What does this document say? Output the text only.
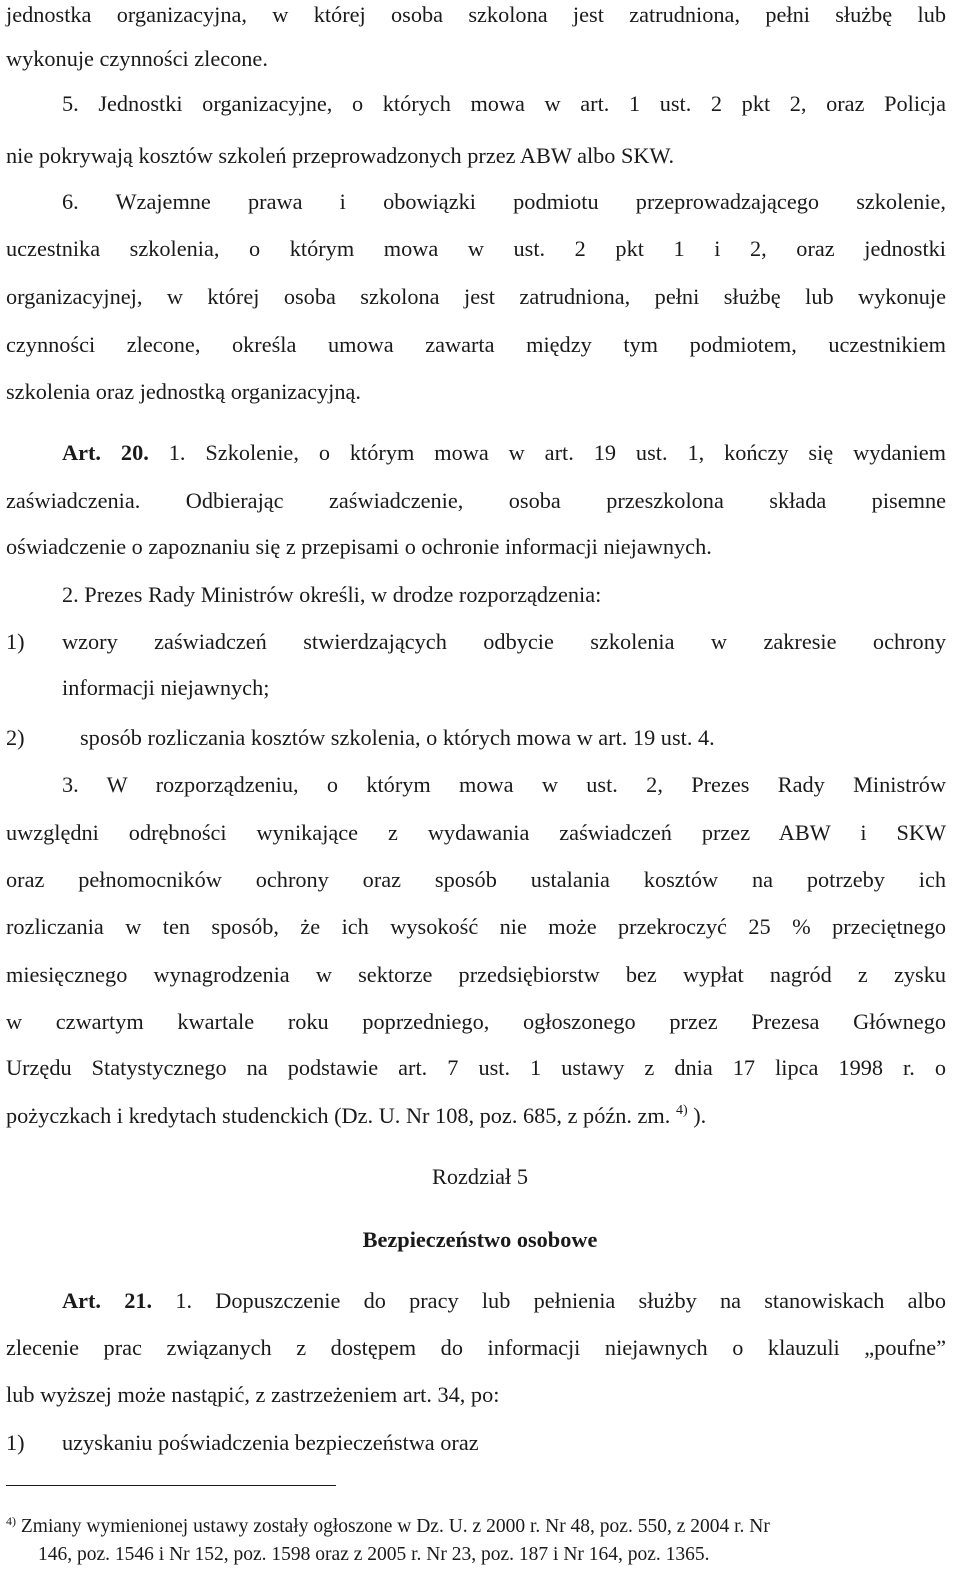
jednostka organizacyjna, w której osoba szkolona jest zatrudniona, pełni służbę lub
wykonuje czynności zlecone.
5. Jednostki organizacyjne, o których mowa w art. 1 ust. 2 pkt 2, oraz Policja
nie pokrywają kosztów szkoleń przeprowadzonych przez ABW albo SKW.
6. Wzajemne prawa i obowiązki podmiotu przeprowadzającego szkolenie,
uczestnika szkolenia, o którym mowa w ust. 2 pkt 1 i 2, oraz jednostki
organizacyjnej, w której osoba szkolona jest zatrudniona, pełni służbę lub wykonuje
czynności zlecone, określa umowa zawarta między tym podmiotem, uczestnikiem
szkolenia oraz jednostką organizacyjną.
Art. 20. 1. Szkolenie, o którym mowa w art. 19 ust. 1, kończy się wydaniem
zaświadczenia. Odbierając zaświadczenie, osoba przeszkolona składa pisemne
oświadczenie o zapoznaniu się z przepisami o ochronie informacji niejawnych.
2. Prezes Rady Ministrów określi, w drodze rozporządzenia:
1) wzory zaświadczeń stwierdzających odbycie szkolenia w zakresie ochrony
informacji niejawnych;
2) sposób rozliczania kosztów szkolenia, o których mowa w art. 19 ust. 4.
3. W rozporządzeniu, o którym mowa w ust. 2, Prezes Rady Ministrów
uwzględni odrębności wynikające z wydawania zaświadczeń przez ABW i SKW
oraz pełnomocników ochrony oraz sposób ustalania kosztów na potrzeby ich
rozliczania w ten sposób, że ich wysokość nie może przekroczyć 25 % przeciętnego
miesięcznego wynagrodzenia w sektorze przedsiębiorstw bez wypłat nagród z zysku
w czwartym kwartale roku poprzedniego, ogłoszonego przez Prezesa Głównego
Urzędu Statystycznego na podstawie art. 7 ust. 1 ustawy z dnia 17 lipca 1998 r. o
pożyczkach i kredytach studenckich (Dz. U. Nr 108, poz. 685, z późn. zm. $^{4)}$ ).
Rozdział 5
Bezpieczeństwo osobowe
Art. 21. 1. Dopuszczenie do pracy lub pełnienia służby na stanowiskach albo
zlecenie prac związanych z dostępem do informacji niejawnych o klauzuli „poufne”
lub wyższej może nastąpić, z zastrzeżeniem art. 34, po:
1) uzyskaniu poświadczenia bezpieczeństwa oraz
$^{4)}$ Zmiany wymienionej ustawy zostały ogłoszone w Dz. U. z 2000 r. Nr 48, poz. 550, z 2004 r. Nr
146, poz. 1546 i Nr 152, poz. 1598 oraz z 2005 r. Nr 23, poz. 187 i Nr 164, poz. 1365.
